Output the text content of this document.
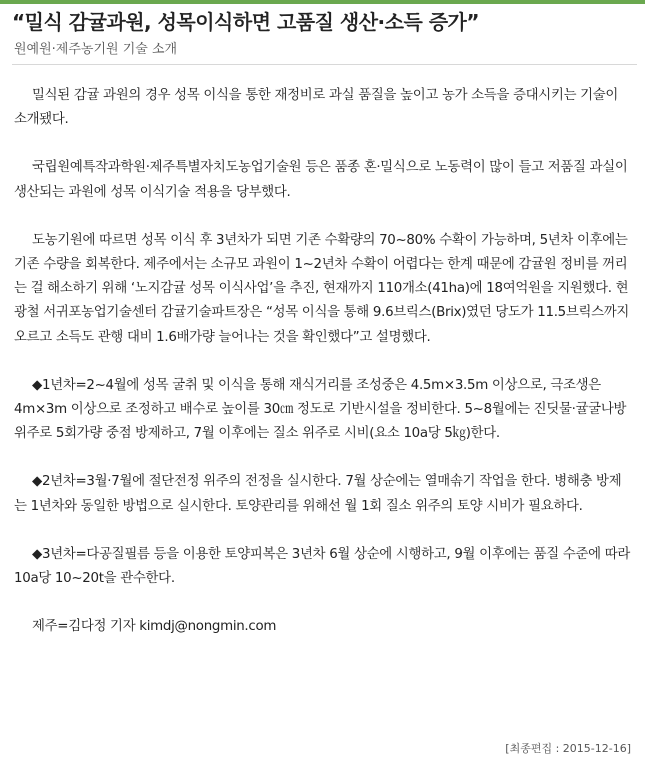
“밀식 감귤과원, 성목이식하면 고품질 생산·소득 증가”
원예원·제주농기원 기술 소개

밀식된 감귤 과원의 경우 성목 이식을 통한 재정비로 과실 품질을 높이고 농가 소득을 증대시키는 기술이 소개됐다.

국립원예특작과학원·제주특별자치도농업기술원 등은 품종 혼·밀식으로 노동력이 많이 들고 저품질 과실이 생산되는 과원에 성목 이식기술 적용을 당부했다.

도농기원에 따르면 성목 이식 후 3년차가 되면 기존 수확량의 70~80% 수확이 가능하며, 5년차 이후에는 기존 수량을 회복한다. 제주에서는 소규모 과원이 1~2년차 수확이 어렵다는 한계 때문에 감귤원 정비를 꺼리는 걸 해소하기 위해 ‘노지감귤 성목 이식사업’을 추진, 현재까지 110개소(41ha)에 18여억원을 지원했다. 현광철 서귀포농업기술센터 감귤기술파트장은 “성목 이식을 통해 9.6브릭스(Brix)였던 당도가 11.5브릭스까지 오르고 소득도 관행 대비 1.6배가량 늘어나는 것을 확인했다”고 설명했다.

◆1년차=2~4월에 성목 굴취 및 이식을 통해 재식거리를 조성중은 4.5m×3.5m 이상으로, 극조생은 4m×3m 이상으로 조정하고 배수로 높이를 30㎝ 정도로 기반시설을 정비한다. 5~8월에는 진딧물·귤굴나방 위주로 5회가량 중점 방제하고, 7월 이후에는 질소 위주로 시비(요소 10a당 5㎏)한다.

◆2년차=3월·7월에 절단전정 위주의 전정을 실시한다. 7월 상순에는 열매솎기 작업을 한다. 병해충 방제는 1년차와 동일한 방법으로 실시한다. 토양관리를 위해선 월 1회 질소 위주의 토양 시비가 필요하다.

◆3년차=다공질필름 등을 이용한 토양피복은 3년차 6월 상순에 시행하고, 9월 이후에는 품질 수준에 따라 10a당 10~20t을 관수한다.

제주=김다정 기자 kimdj@nongmin.com

[최종편집 : 2015-12-16]
